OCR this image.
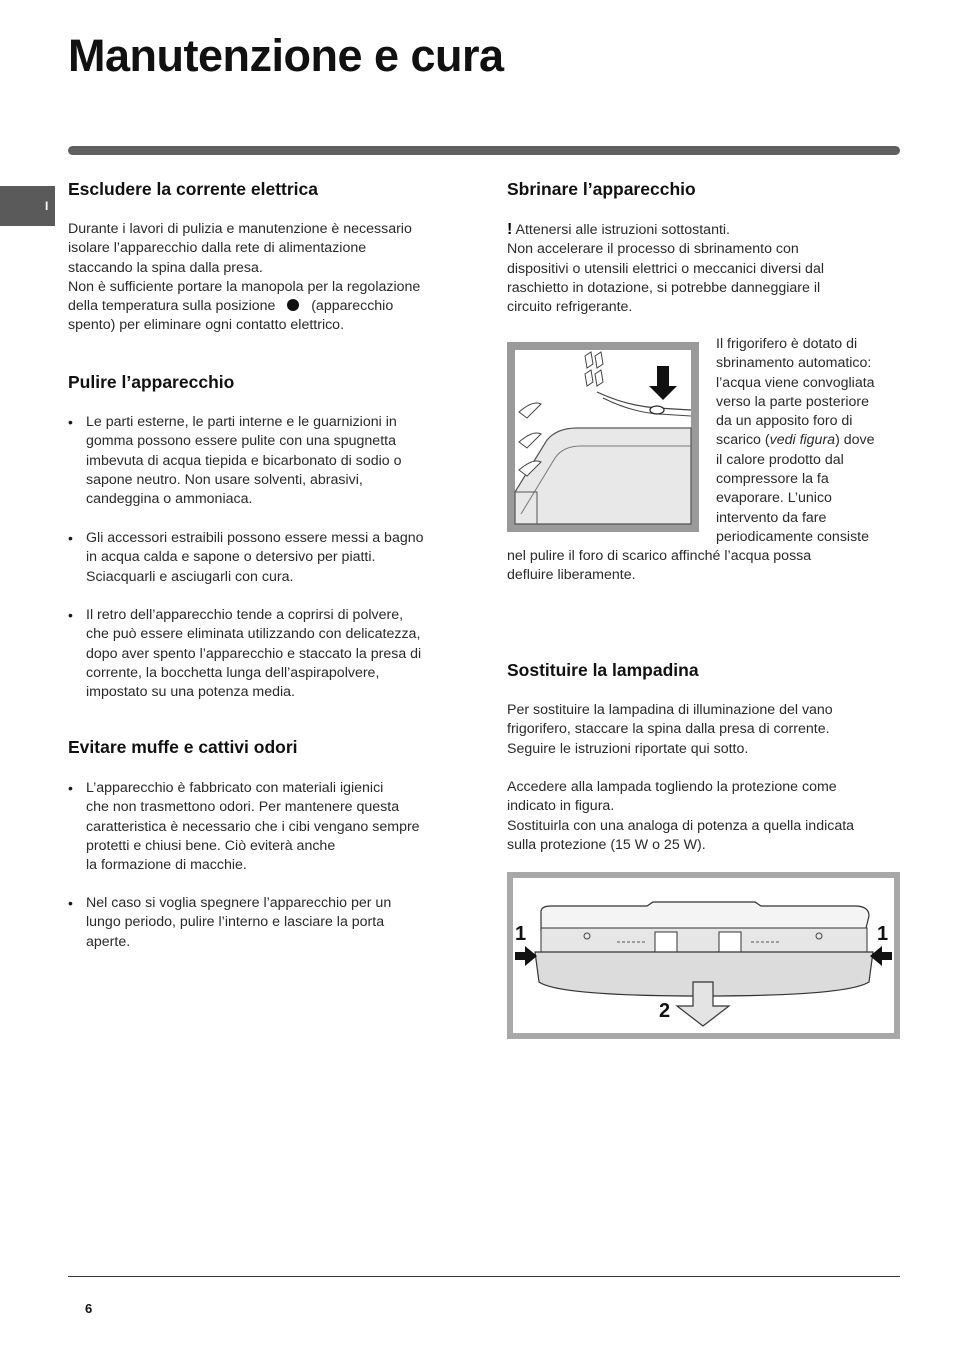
Manutenzione e cura
I
Escludere la corrente elettrica
Durante i lavori di pulizia e manutenzione è necessario
isolare l’apparecchio dalla rete di alimentazione
staccando la spina dalla presa.
Non è sufficiente portare la manopola per la regolazione
della temperatura sulla posizione	(apparecchio
spento) per eliminare ogni contatto elettrico.
Pulire l’apparecchio
• Le parti esterne, le parti interne e le guarnizioni in
gomma possono essere pulite con una spugnetta
imbevuta di acqua tiepida e bicarbonato di sodio o
sapone neutro. Non usare solventi, abrasivi,
candeggina o ammoniaca.
• Gli accessori estraibili possono essere messi a bagno
in acqua calda e sapone o detersivo per piatti.
Sciacquarli e asciugarli con cura.
• Il retro dell’apparecchio tende a coprirsi di polvere,
che può essere eliminata utilizzando con delicatezza,
dopo aver spento l’apparecchio e staccato la presa di
corrente, la bocchetta lunga dell’aspirapolvere,
impostato su una potenza media.
Evitare muffe e cattivi odori
• L’apparecchio è fabbricato con materiali igienici
che non trasmettono odori. Per mantenere questa
caratteristica è necessario che i cibi vengano sempre
protetti e chiusi bene. Ciò eviterà anche
la formazione di macchie.
• Nel caso si voglia spegnere l’apparecchio per un
lungo periodo, pulire l’interno e lasciare la porta
aperte.
Sbrinare l’apparecchio
! Attenersi alle istruzioni sottostanti.
Non accelerare il processo di sbrinamento con
dispositivi o utensili elettrici o meccanici diversi dal
raschietto in dotazione, si potrebbe danneggiare il
circuito refrigerante.
Il frigorifero è dotato di
sbrinamento automatico:
l’acqua viene convogliata
verso la parte posteriore
da un apposito foro di
scarico (vedi figura) dove
il calore prodotto dal
compressore la fa
evaporare. L’unico
intervento da fare
periodicamente consiste
nel pulire il foro di scarico affinché l’acqua possa
defluire liberamente.
Sostituire la lampadina
Per sostituire la lampadina di illuminazione del vano
frigorifero, staccare la spina dalla presa di corrente.
Seguire le istruzioni riportate qui sotto.
Accedere alla lampada togliendo la protezione come
indicato in figura.
Sostituirla con una analoga di potenza a quella indicata
sulla protezione (15 W o 25 W).
1	1
2
6
